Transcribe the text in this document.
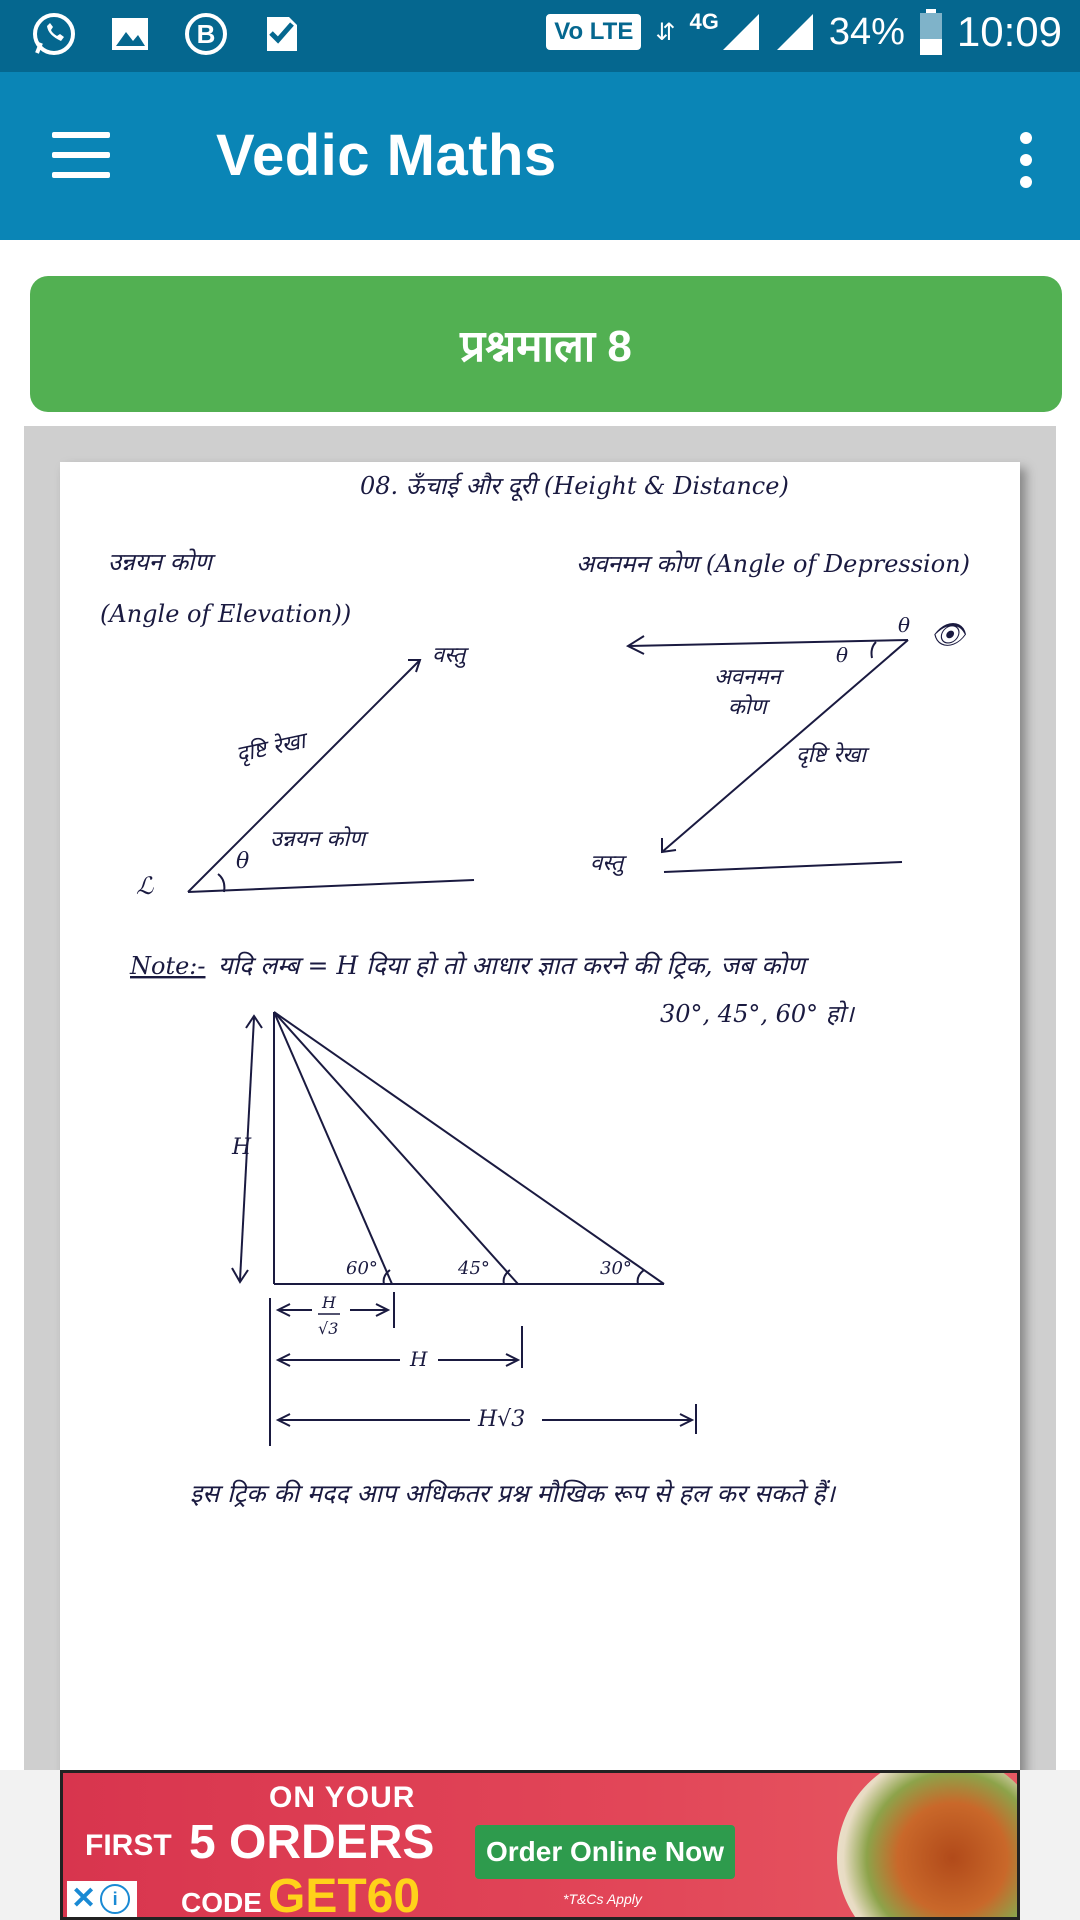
B	Vo LTE ⇵ 4G	34% 10:09
Vedic Maths
प्रश्नमाला 8
08. ऊँचाई और दूरी (Height & Distance)
उन्नयन कोण
(Angle of Elevation))
वस्तु
दृष्टि रेखा
उन्नयन कोण
θ
ℒ
अवनमन कोण (Angle of Depression)
θ
θ
👁
अवनमन
कोण
दृष्टि रेखा
वस्तु
Note:- यदि लम्ब = H दिया हो तो आधार ज्ञात करने की ट्रिक, जब कोण
30°, 45°, 60° हो।
H
60°	45°	30°
H
√3
H
H√3
इस ट्रिक की मदद आप अधिकतर प्रश्न मौखिक रूप से हल कर सकते हैं।
ON YOUR
FIRST 5 ORDERS
CODE GET60
Order Online Now
*T&Cs Apply
✕ i
